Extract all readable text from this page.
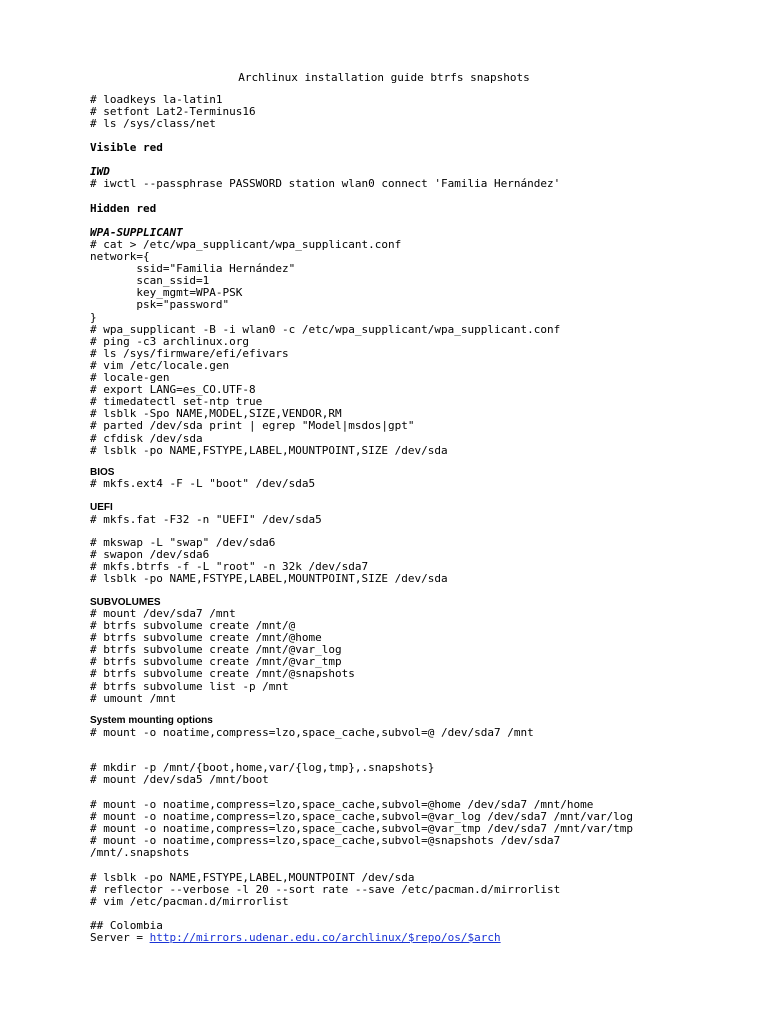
Archlinux installation guide btrfs snapshots
# loadkeys la-latin1
# setfont Lat2-Terminus16
# ls /sys/class/net
Visible red
IWD
# iwctl --passphrase PASSWORD station wlan0 connect 'Familia Hernández'
Hidden red
WPA-SUPPLICANT
# cat > /etc/wpa_supplicant/wpa_supplicant.conf
network={
ssid="Familia Hernández"
scan_ssid=1
key_mgmt=WPA-PSK
psk="password"
}
# wpa_supplicant -B -i wlan0 -c /etc/wpa_supplicant/wpa_supplicant.conf
# ping -c3 archlinux.org
# ls /sys/firmware/efi/efivars
# vim /etc/locale.gen
# locale-gen
# export LANG=es_CO.UTF-8
# timedatectl set-ntp true
# lsblk -Spo NAME,MODEL,SIZE,VENDOR,RM
# parted /dev/sda print | egrep "Model|msdos|gpt"
# cfdisk /dev/sda
# lsblk -po NAME,FSTYPE,LABEL,MOUNTPOINT,SIZE /dev/sda
BIOS
# mkfs.ext4 -F -L "boot" /dev/sda5
UEFI
# mkfs.fat -F32 -n "UEFI" /dev/sda5
# mkswap -L "swap" /dev/sda6
# swapon /dev/sda6
# mkfs.btrfs -f -L "root" -n 32k /dev/sda7
# lsblk -po NAME,FSTYPE,LABEL,MOUNTPOINT,SIZE /dev/sda
SUBVOLUMES
# mount /dev/sda7 /mnt
# btrfs subvolume create /mnt/@
# btrfs subvolume create /mnt/@home
# btrfs subvolume create /mnt/@var_log
# btrfs subvolume create /mnt/@var_tmp
# btrfs subvolume create /mnt/@snapshots
# btrfs subvolume list -p /mnt
# umount /mnt
System mounting options
# mount -o noatime,compress=lzo,space_cache,subvol=@ /dev/sda7 /mnt
# mkdir -p /mnt/{boot,home,var/{log,tmp},.snapshots}
# mount /dev/sda5 /mnt/boot
# mount -o noatime,compress=lzo,space_cache,subvol=@home /dev/sda7 /mnt/home
# mount -o noatime,compress=lzo,space_cache,subvol=@var_log /dev/sda7 /mnt/var/log
# mount -o noatime,compress=lzo,space_cache,subvol=@var_tmp /dev/sda7 /mnt/var/tmp
# mount -o noatime,compress=lzo,space_cache,subvol=@snapshots /dev/sda7
/mnt/.snapshots
# lsblk -po NAME,FSTYPE,LABEL,MOUNTPOINT /dev/sda
# reflector --verbose -l 20 --sort rate --save /etc/pacman.d/mirrorlist
# vim /etc/pacman.d/mirrorlist
## Colombia
Server = http://mirrors.udenar.edu.co/archlinux/$repo/os/$arch
